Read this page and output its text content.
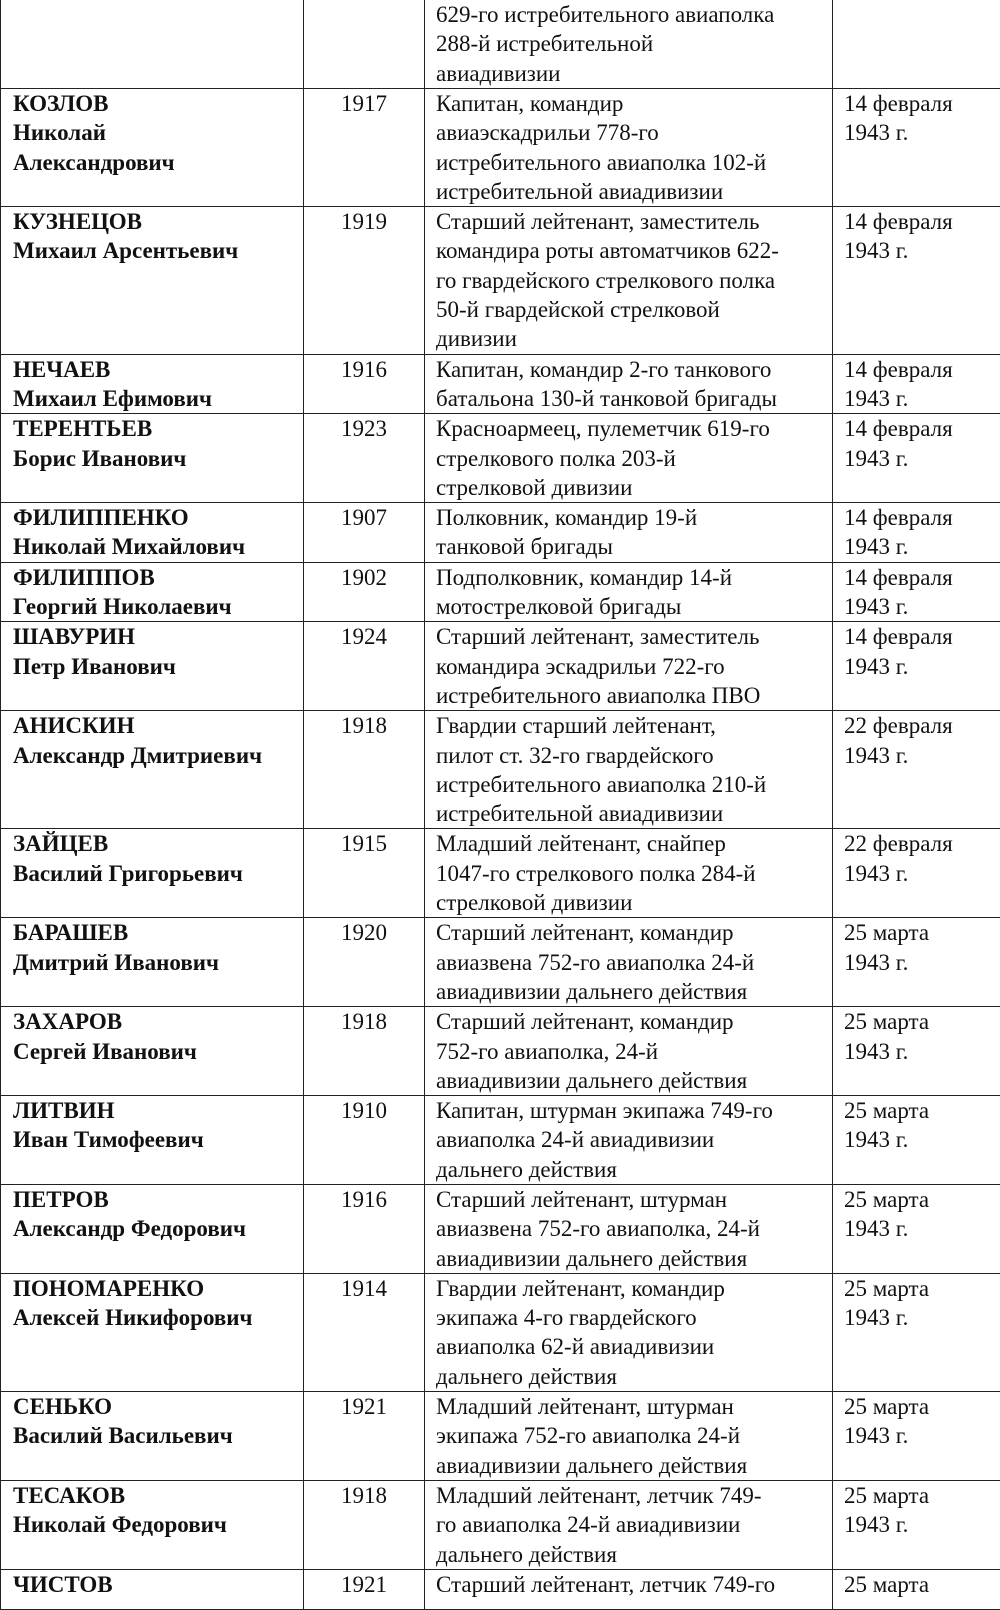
		629-го истребительного авиаполка
288-й истребительной
авиадивизии	

КОЗЛОВ
Николай
Александрович	1917	Капитан, командир
авиаэскадрильи 778-го
истребительного авиаполка 102-й
истребительной авиадивизии	14 февраля
1943 г.

КУЗНЕЦОВ
Михаил Арсентьевич	1919	Старший лейтенант, заместитель
командира роты автоматчиков 622-
го гвардейского стрелкового полка
50-й гвардейской стрелковой
дивизии	14 февраля
1943 г.

НЕЧАЕВ
Михаил Ефимович	1916	Капитан, командир 2-го танкового
батальона 130-й танковой бригады	14 февраля
1943 г.

ТЕРЕНТЬЕВ
Борис Иванович	1923	Красноармеец, пулеметчик 619-го
стрелкового полка 203-й
стрелковой дивизии	14 февраля
1943 г.

ФИЛИППЕНКО
Николай Михайлович	1907	Полковник, командир 19-й
танковой бригады	14 февраля
1943 г.

ФИЛИППОВ
Георгий Николаевич	1902	Подполковник, командир 14-й
мотострелковой бригады	14 февраля
1943 г.

ШАВУРИН
Петр Иванович	1924	Старший лейтенант, заместитель
командира эскадрильи 722-го
истребительного авиаполка ПВО	14 февраля
1943 г.

АНИСКИН
Александр Дмитриевич	1918	Гвардии старший лейтенант,
пилот ст. 32-го гвардейского
истребительного авиаполка 210-й
истребительной авиадивизии	22 февраля
1943 г.

ЗАЙЦЕВ
Василий Григорьевич	1915	Младший лейтенант, снайпер
1047-го стрелкового полка 284-й
стрелковой дивизии	22 февраля
1943 г.

БАРАШЕВ
Дмитрий Иванович	1920	Старший лейтенант, командир
авиазвена 752-го авиаполка 24-й
авиадивизии дальнего действия	25 марта
1943 г.

ЗАХАРОВ
Сергей Иванович	1918	Старший лейтенант, командир
752-го авиаполка, 24-й
авиадивизии дальнего действия	25 марта
1943 г.

ЛИТВИН
Иван Тимофеевич	1910	Капитан, штурман экипажа 749-го
авиаполка 24-й авиадивизии
дальнего действия	25 марта
1943 г.

ПЕТРОВ
Александр Федорович	1916	Старший лейтенант, штурман
авиазвена 752-го авиаполка, 24-й
авиадивизии дальнего действия	25 марта
1943 г.

ПОНОМАРЕНКО
Алексей Никифорович	1914	Гвардии лейтенант, командир
экипажа 4-го гвардейского
авиаполка 62-й авиадивизии
дальнего действия	25 марта
1943 г.

СЕНЬКО
Василий Васильевич	1921	Младший лейтенант, штурман
экипажа 752-го авиаполка 24-й
авиадивизии дальнего действия	25 марта
1943 г.

ТЕСАКОВ
Николай Федорович	1918	Младший лейтенант, летчик 749-
го авиаполка 24-й авиадивизии
дальнего действия	25 марта
1943 г.

ЧИСТОВ	1921	Старший лейтенант, летчик 749-го	25 марта
